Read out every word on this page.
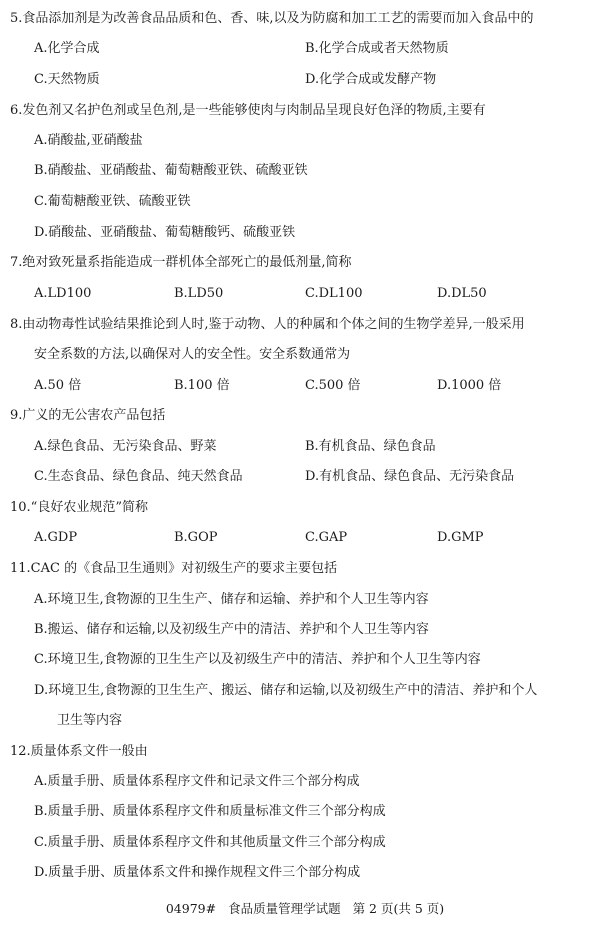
5.食品添加剂是为改善食品品质和色、香、味,以及为防腐和加工工艺的需要而加入食品中的
A.化学合成	B.化学合成或者天然物质
C.天然物质	D.化学合成或发酵产物
6.发色剂又名护色剂或呈色剂,是一些能够使肉与肉制品呈现良好色泽的物质,主要有
A.硝酸盐,亚硝酸盐
B.硝酸盐、亚硝酸盐、葡萄糖酸亚铁、硫酸亚铁
C.葡萄糖酸亚铁、硫酸亚铁
D.硝酸盐、亚硝酸盐、葡萄糖酸钙、硫酸亚铁
7.绝对致死量系指能造成一群机体全部死亡的最低剂量,简称
A.LD100	B.LD50	C.DL100	D.DL50
8.由动物毒性试验结果推论到人时,鉴于动物、人的种属和个体之间的生物学差异,一般采用
安全系数的方法,以确保对人的安全性。安全系数通常为
A.50 倍	B.100 倍	C.500 倍	D.1000 倍
9.广义的无公害农产品包括
A.绿色食品、无污染食品、野菜	B.有机食品、绿色食品
C.生态食品、绿色食品、纯天然食品	D.有机食品、绿色食品、无污染食品
10.“良好农业规范”简称
A.GDP	B.GOP	C.GAP	D.GMP
11.CAC 的《食品卫生通则》对初级生产的要求主要包括
A.环境卫生,食物源的卫生生产、储存和运输、养护和个人卫生等内容
B.搬运、储存和运输,以及初级生产中的清洁、养护和个人卫生等内容
C.环境卫生,食物源的卫生生产以及初级生产中的清洁、养护和个人卫生等内容
D.环境卫生,食物源的卫生生产、搬运、储存和运输,以及初级生产中的清洁、养护和个人
卫生等内容
12.质量体系文件一般由
A.质量手册、质量体系程序文件和记录文件三个部分构成
B.质量手册、质量体系程序文件和质量标准文件三个部分构成
C.质量手册、质量体系程序文件和其他质量文件三个部分构成
D.质量手册、质量体系文件和操作规程文件三个部分构成
04979# 食品质量管理学试题 第 2 页(共 5 页)
